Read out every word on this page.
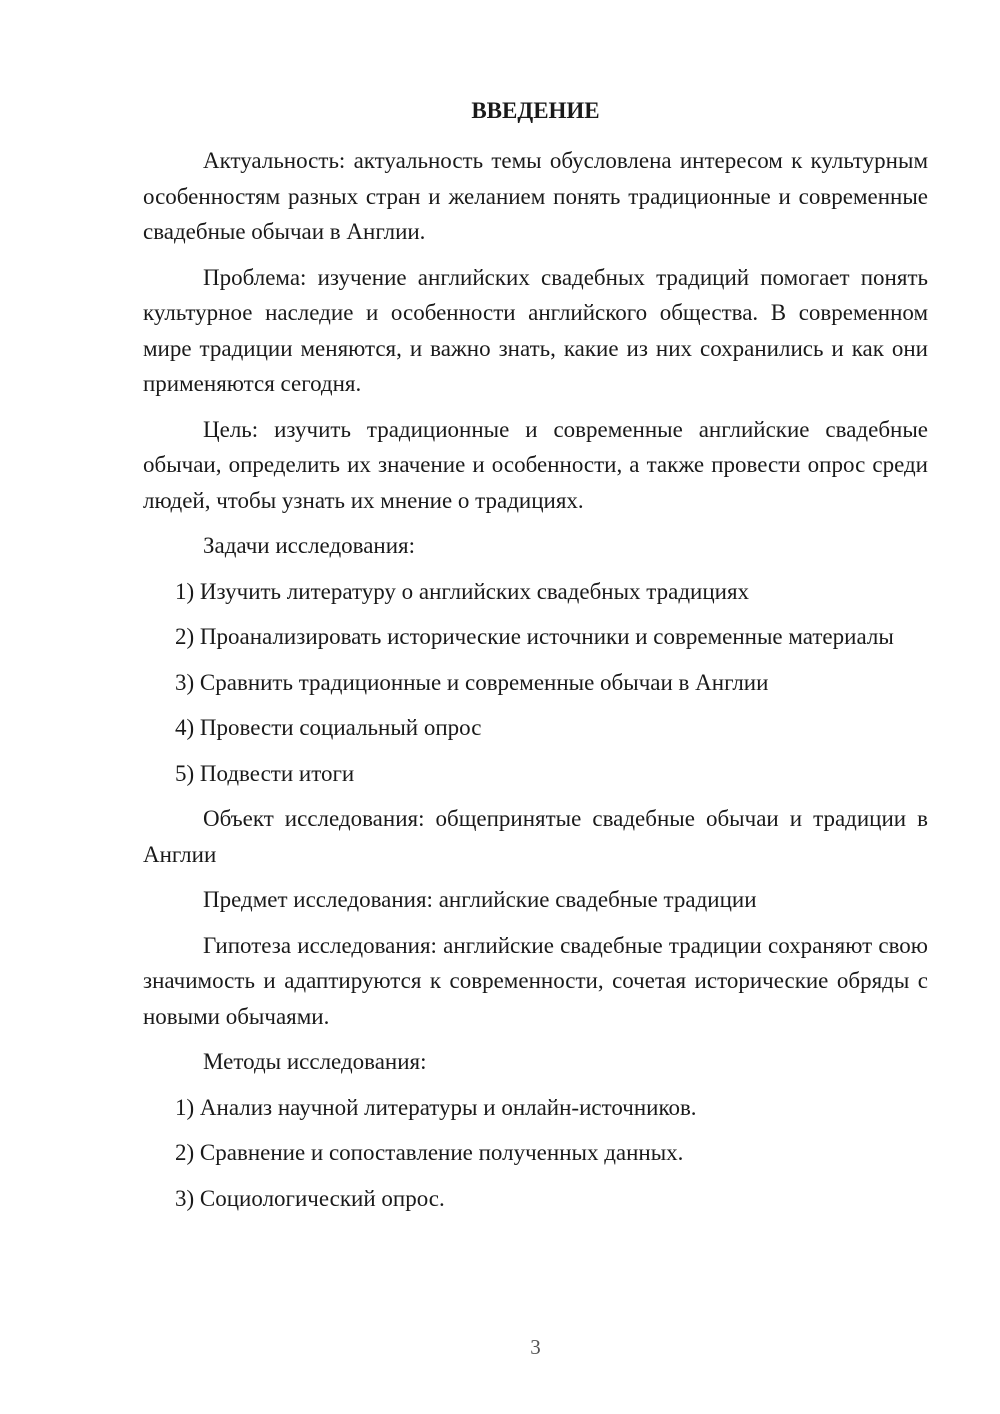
ВВЕДЕНИЕ

Актуальность: актуальность темы обусловлена интересом к культурным особенностям разных стран и желанием понять традиционные и современные свадебные обычаи в Англии.

Проблема: изучение английских свадебных традиций помогает понять культурное наследие и особенности английского общества. В современном мире традиции меняются, и важно знать, какие из них сохранились и как они применяются сегодня.

Цель: изучить традиционные и современные английские свадебные обычаи, определить их значение и особенности, а также провести опрос среди людей, чтобы узнать их мнение о традициях.

Задачи исследования:

1) Изучить литературу о английских свадебных традициях

2) Проанализировать исторические источники и современные материалы

3) Сравнить традиционные и современные обычаи в Англии

4) Провести социальный опрос

5) Подвести итоги

Объект исследования: общепринятые свадебные обычаи и традиции в Англии

Предмет исследования: английские свадебные традиции

Гипотеза исследования: английские свадебные традиции сохраняют свою значимость и адаптируются к современности, сочетая исторические обряды с новыми обычаями.

Методы исследования:

1) Анализ научной литературы и онлайн-источников.

2) Сравнение и сопоставление полученных данных.

3) Социологический опрос.

3
